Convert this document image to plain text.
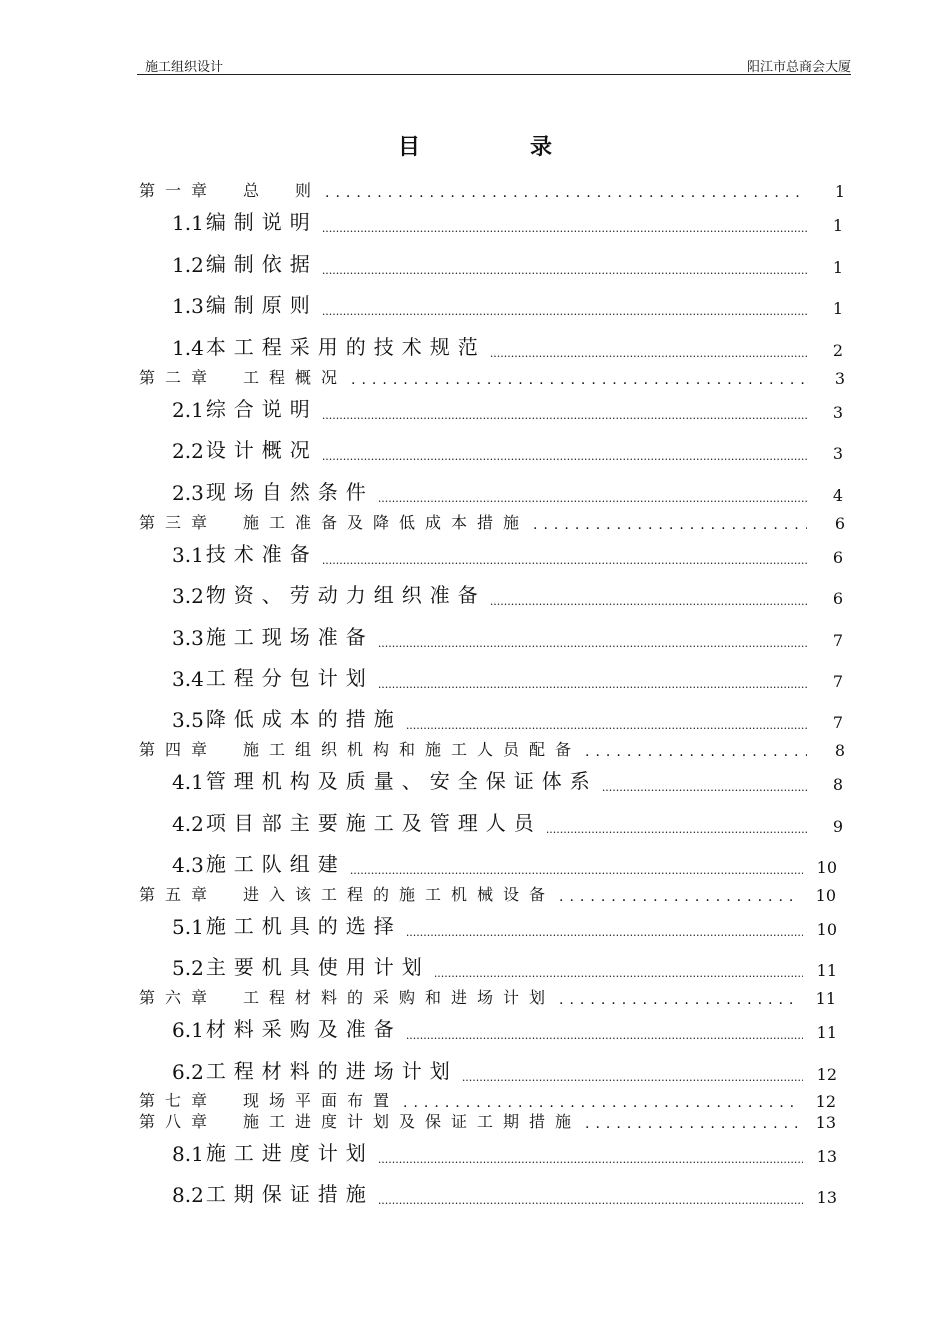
施工组织设计	阳江市总商会大厦
目	录
第一章　总　则 .....	1
1.1 编制说明 .....	1
1.2 编制依据 .....	1
1.3 编制原则 .....	1
1.4 本工程采用的技术规范 .....	2
第二章　工程概况 .....	3
2.1 综合说明 .....	3
2.2 设计概况 .....	3
2.3 现场自然条件 .....	4
第三章　施工准备及降低成本措施 .....	6
3.1 技术准备 .....	6
3.2 物资、劳动力组织准备 .....	6
3.3 施工现场准备 .....	7
3.4 工程分包计划 .....	7
3.5 降低成本的措施 .....	7
第四章　施工组织机构和施工人员配备 .....	8
4.1 管理机构及质量、安全保证体系 .....	8
4.2 项目部主要施工及管理人员 .....	9
4.3 施工队组建 .....	10
第五章　进入该工程的施工机械设备 .....	10
5.1 施工机具的选择 .....	10
5.2 主要机具使用计划 .....	11
第六章　工程材料的采购和进场计划 .....	11
6.1 材料采购及准备 .....	11
6.2 工程材料的进场计划 .....	12
第七章　现场平面布置 .....	12
第八章　施工进度计划及保证工期措施 .....	13
8.1 施工进度计划 .....	13
8.2 工期保证措施 .....	13
